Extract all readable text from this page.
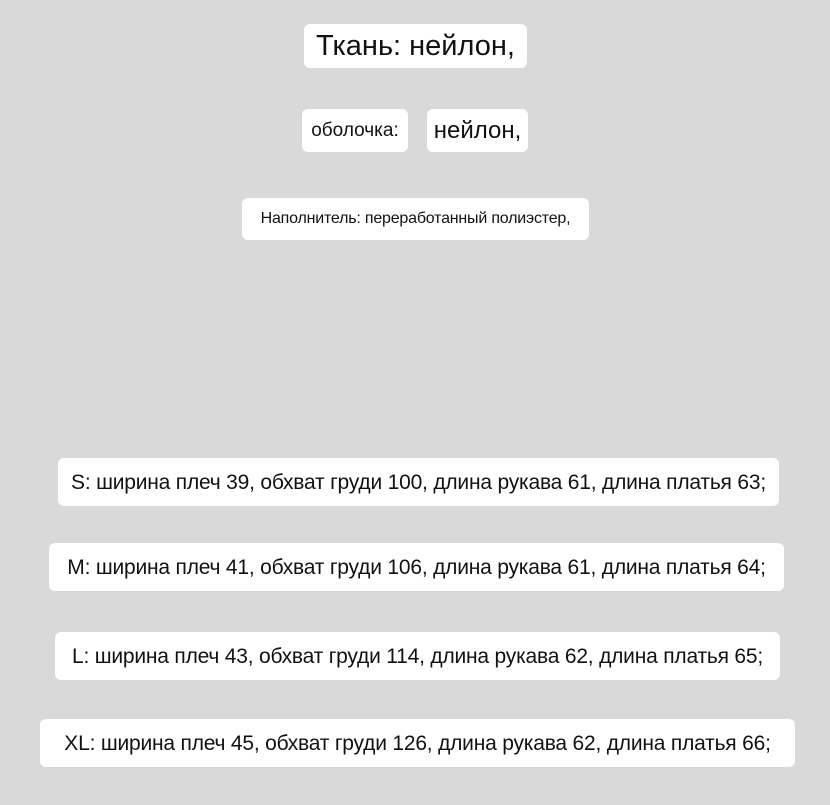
Ткань: нейлон,
оболочка:	нейлон,
Наполнитель: переработанный полиэстер,
S: ширина плеч 39, обхват груди 100, длина рукава 61, длина платья 63;
M: ширина плеч 41, обхват груди 106, длина рукава 61, длина платья 64;
L: ширина плеч 43, обхват груди 114, длина рукава 62, длина платья 65;
XL: ширина плеч 45, обхват груди 126, длина рукава 62, длина платья 66;
